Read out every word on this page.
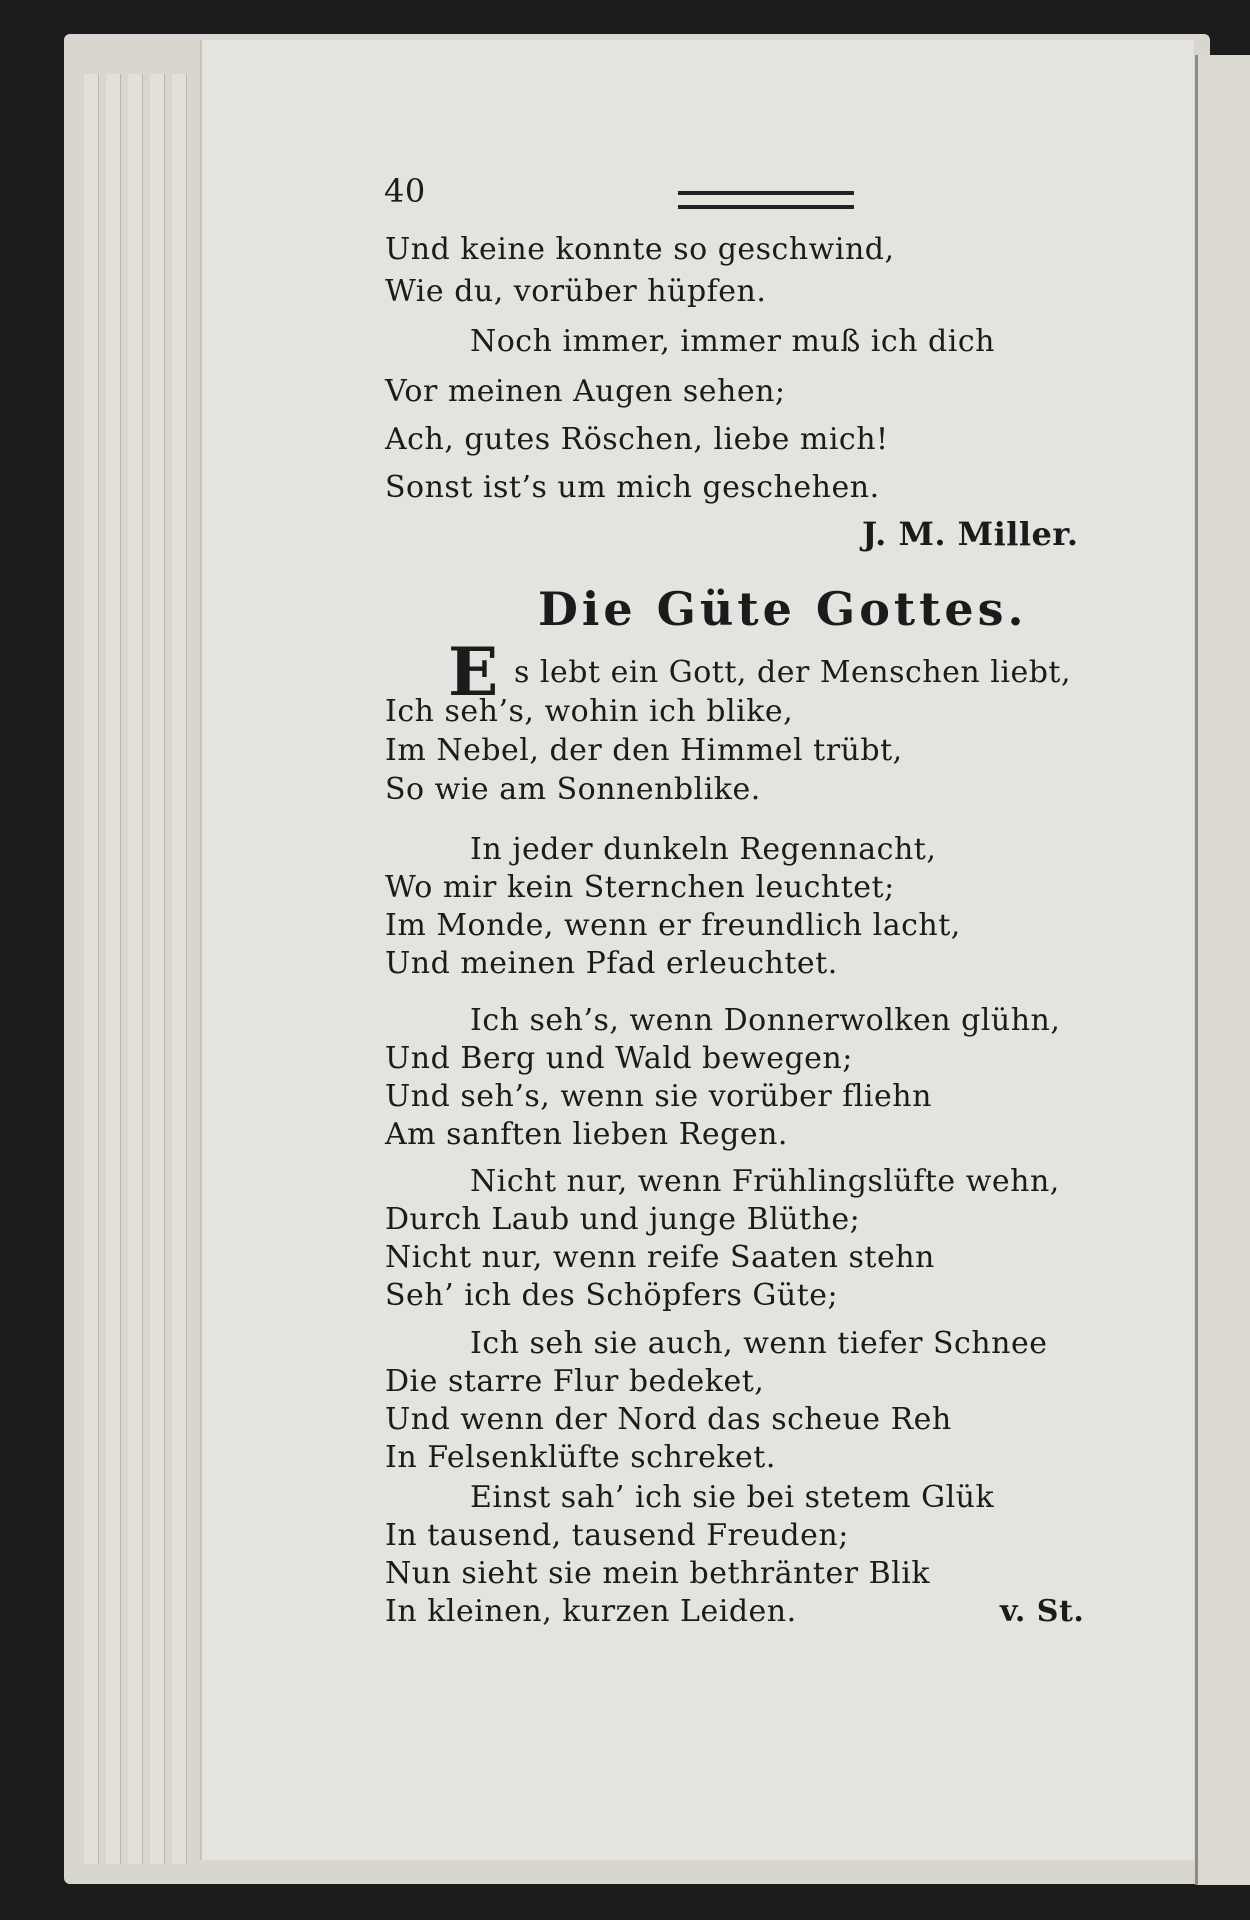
40
Und keine konnte so geschwind,
Wie du, vorüber hüpfen.
Noch immer, immer muß ich dich
Vor meinen Augen sehen;
Ach, gutes Röschen, liebe mich!
Sonst ist’s um mich geschehen.
J. M. Miller.
Die Güte Gottes.
E s lebt ein Gott, der Menschen liebt,
Ich seh’s, wohin ich blike,
Im Nebel, der den Himmel trübt,
So wie am Sonnenblike.
In jeder dunkeln Regennacht,
Wo mir kein Sternchen leuchtet;
Im Monde, wenn er freundlich lacht,
Und meinen Pfad erleuchtet.
Ich seh’s, wenn Donnerwolken glühn,
Und Berg und Wald bewegen;
Und seh’s, wenn sie vorüber fliehn
Am sanften lieben Regen.
Nicht nur, wenn Frühlingslüfte wehn,
Durch Laub und junge Blüthe;
Nicht nur, wenn reife Saaten stehn
Seh’ ich des Schöpfers Güte;
Ich seh sie auch, wenn tiefer Schnee
Die starre Flur bedeket,
Und wenn der Nord das scheue Reh
In Felsenklüfte schreket.
Einst sah’ ich sie bei stetem Glük
In tausend, tausend Freuden;
Nun sieht sie mein bethränter Blik
In kleinen, kurzen Leiden.	v. St.
